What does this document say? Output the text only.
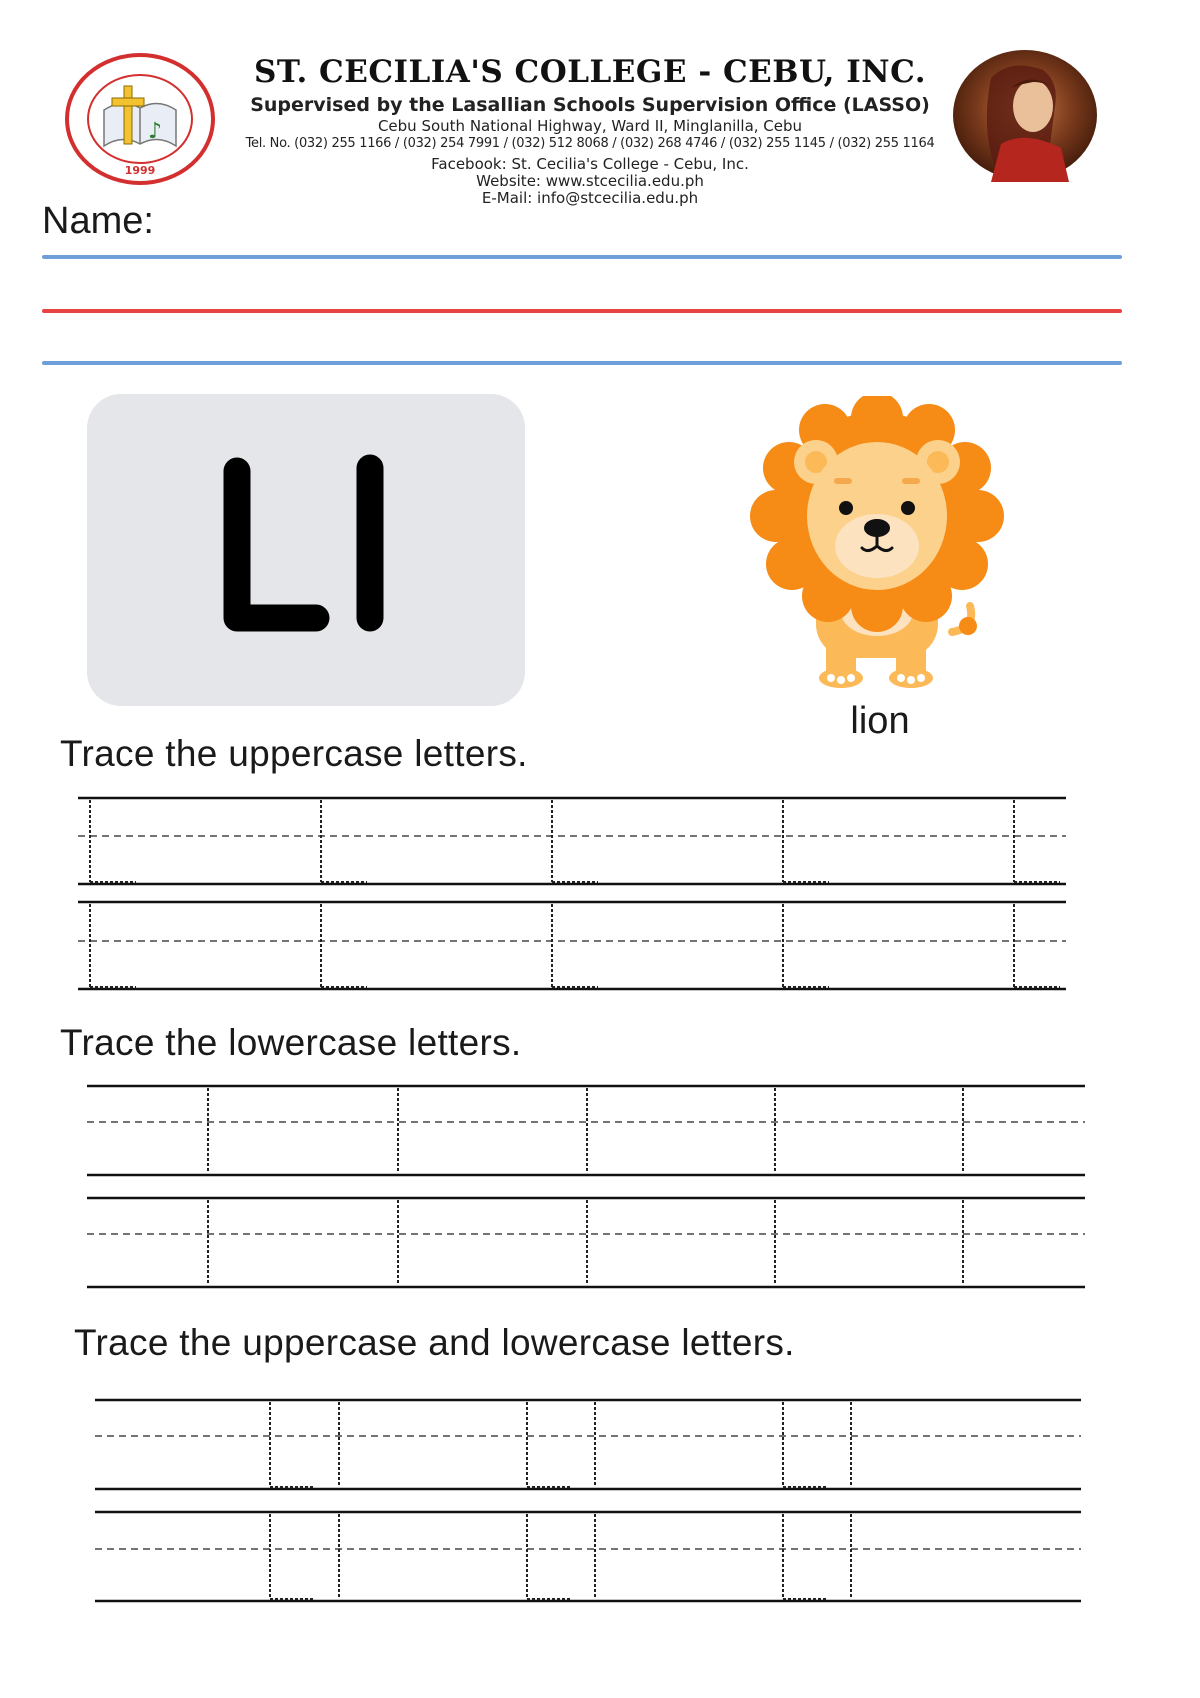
♪
1999
ST. CECILIA'S COLLEGE - CEBU, INC.
Supervised by the Lasallian Schools Supervision Office (LASSO)
Cebu South National Highway, Ward II, Minglanilla, Cebu
Tel. No. (032) 255 1166 / (032) 254 7991 / (032) 512 8068 / (032) 268 4746 / (032) 255 1145 / (032) 255 1164
Facebook: St. Cecilia's College - Cebu, Inc.
Website: www.stcecilia.edu.ph
E-Mail: info@stcecilia.edu.ph
Name:
lion
Trace the uppercase letters.
Trace the lowercase letters.
Trace the uppercase and lowercase letters.
